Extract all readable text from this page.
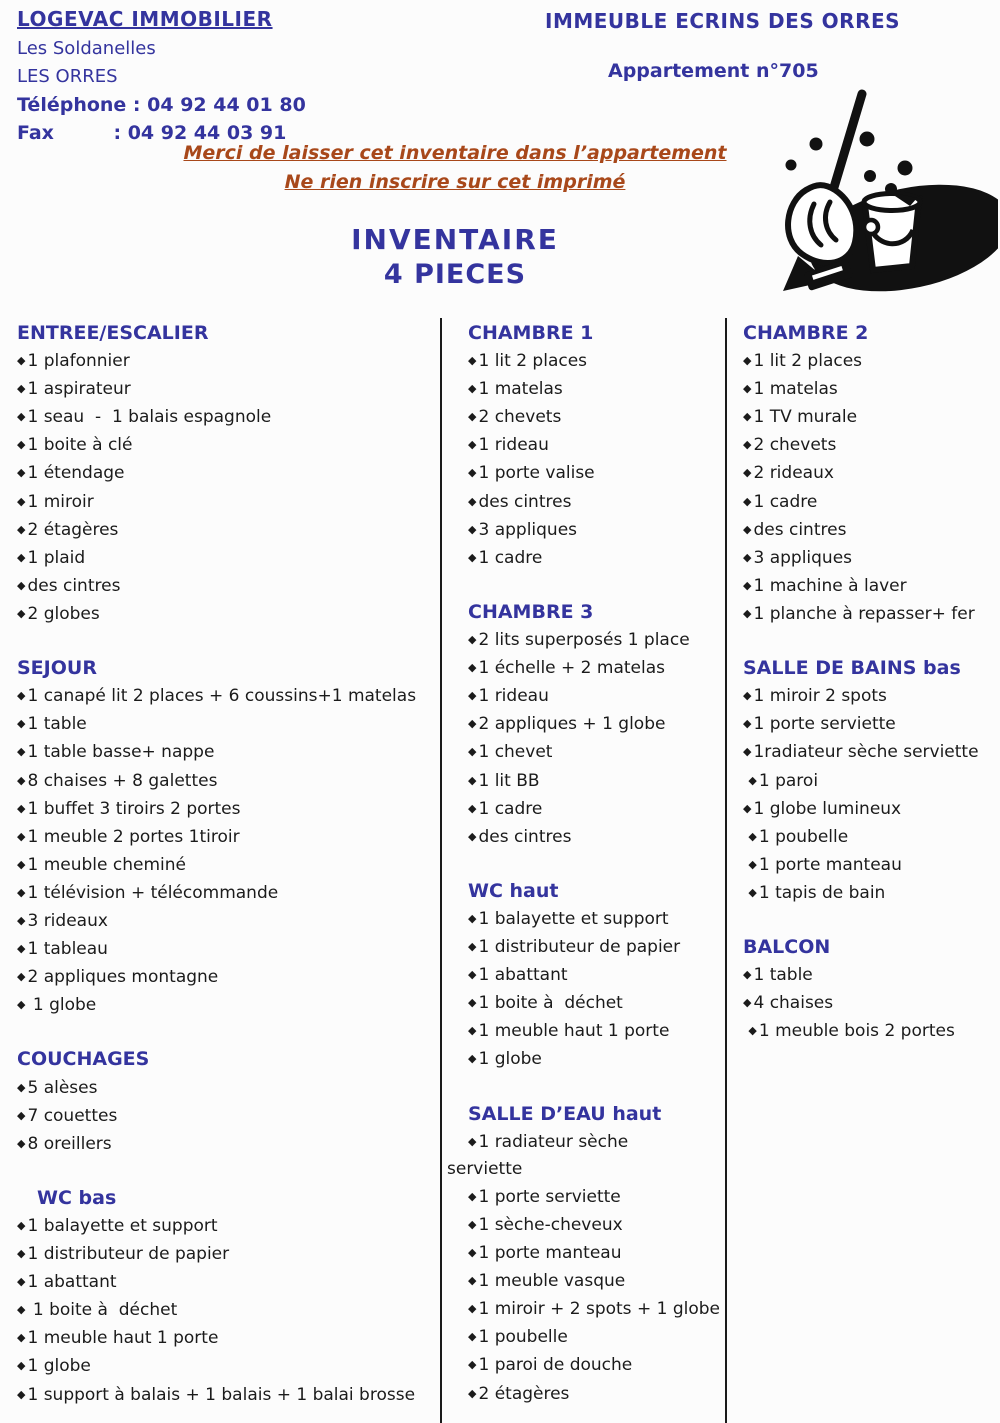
LOGEVAC IMMOBILIER
Les Soldanelles
LES ORRES
Téléphone : 04 92 44 01 80
Fax         : 04 92 44 03 91
IMMEUBLE ECRINS DES ORRES
Appartement n°705
Merci de laisser cet inventaire dans l’appartement
Ne rien inscrire sur cet imprimé
INVENTAIRE
4 PIECES
ENTREE/ESCALIER
◆ 1 plafonnier
◆ 1 aspirateur
◆ 1 seau  -  1 balais espagnole
◆ 1 boite à clé
◆ 1 étendage
◆ 1 miroir
◆ 2 étagères
◆ 1 plaid
◆ des cintres
◆ 2 globes
SEJOUR
◆ 1 canapé lit 2 places + 6 coussins+1 matelas
◆ 1 table
◆ 1 table basse+ nappe
◆ 8 chaises + 8 galettes
◆ 1 buffet 3 tiroirs 2 portes
◆ 1 meuble 2 portes 1tiroir
◆ 1 meuble cheminé
◆ 1 télévision + télécommande
◆ 3 rideaux
◆ 1 tableau
◆ 2 appliques montagne
◆ 1 globe
COUCHAGES
◆ 5 alèses
◆ 7 couettes
◆ 8 oreillers
WC bas
◆ 1 balayette et support
◆ 1 distributeur de papier
◆ 1 abattant
◆ 1 boite à  déchet
◆ 1 meuble haut 1 porte
◆ 1 globe
◆ 1 support à balais + 1 balais + 1 balai brosse
CHAMBRE 1
◆ 1 lit 2 places
◆ 1 matelas
◆ 2 chevets
◆ 1 rideau
◆ 1 porte valise
◆ des cintres
◆ 3 appliques
◆ 1 cadre
CHAMBRE 3
◆ 2 lits superposés 1 place
◆ 1 échelle + 2 matelas
◆ 1 rideau
◆ 2 appliques + 1 globe
◆ 1 chevet
◆ 1 lit BB
◆ 1 cadre
◆ des cintres
WC haut
◆ 1 balayette et support
◆ 1 distributeur de papier
◆ 1 abattant
◆ 1 boite à  déchet
◆ 1 meuble haut 1 porte
◆ 1 globe
SALLE D’EAU haut
◆ 1 radiateur sèche
serviette
◆ 1 porte serviette
◆ 1 sèche-cheveux
◆ 1 porte manteau
◆ 1 meuble vasque
◆ 1 miroir + 2 spots + 1 globe
◆ 1 poubelle
◆ 1 paroi de douche
◆ 2 étagères
CHAMBRE 2
◆ 1 lit 2 places
◆ 1 matelas
◆ 1 TV murale
◆ 2 chevets
◆ 2 rideaux
◆ 1 cadre
◆ des cintres
◆ 3 appliques
◆ 1 machine à laver
◆ 1 planche à repasser+ fer
SALLE DE BAINS bas
◆ 1 miroir 2 spots
◆ 1 porte serviette
◆ 1radiateur sèche serviette
◆ 1 paroi
◆ 1 globe lumineux
◆ 1 poubelle
◆ 1 porte manteau
◆ 1 tapis de bain
BALCON
◆ 1 table
◆ 4 chaises
◆ 1 meuble bois 2 portes
